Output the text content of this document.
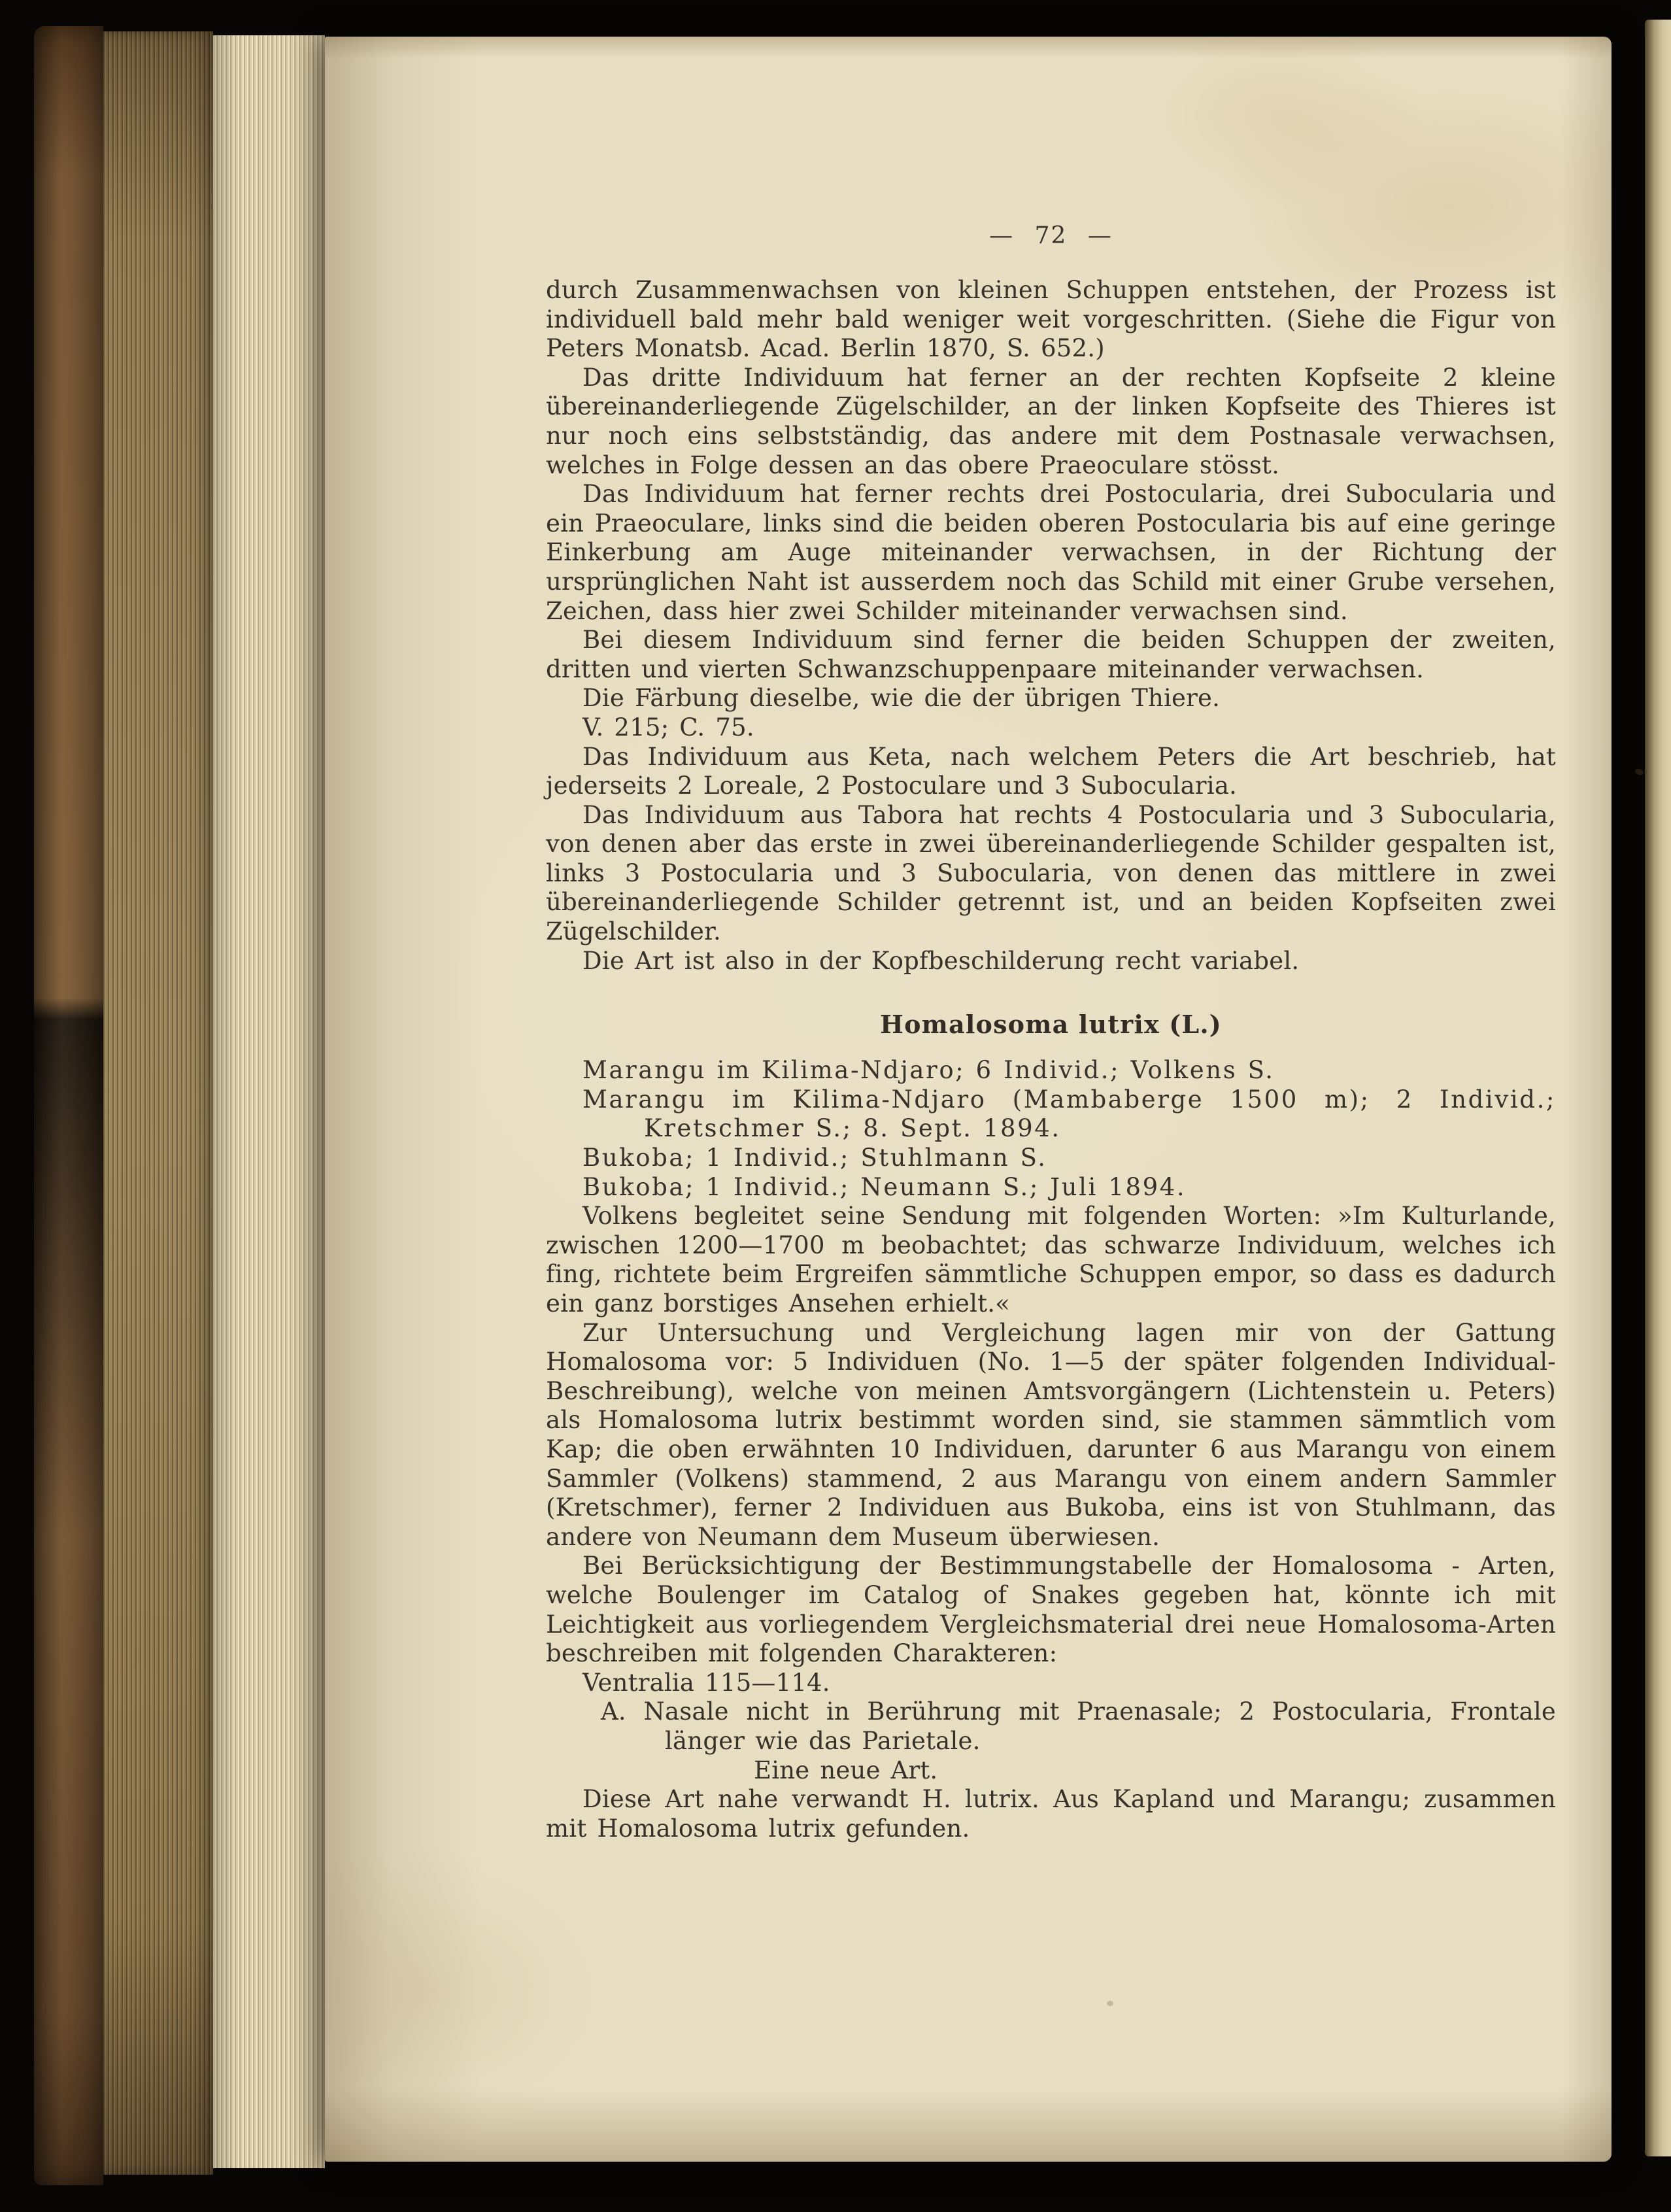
— 72 —

durch Zusammenwachsen von kleinen Schuppen entstehen, der Prozess ist individuell bald mehr bald weniger weit vorgeschritten. (Siehe die Figur von Peters Monatsb. Acad. Berlin 1870, S. 652.)

Das dritte Individuum hat ferner an der rechten Kopfseite 2 kleine übereinanderliegende Zügelschilder, an der linken Kopfseite des Thieres ist nur noch eins selbstständig, das andere mit dem Postnasale verwachsen, welches in Folge dessen an das obere Praeoculare stösst.

Das Individuum hat ferner rechts drei Postocularia, drei Subocularia und ein Praeoculare, links sind die beiden oberen Postocularia bis auf eine geringe Einkerbung am Auge miteinander verwachsen, in der Richtung der ursprünglichen Naht ist ausserdem noch das Schild mit einer Grube versehen, Zeichen, dass hier zwei Schilder miteinander verwachsen sind.

Bei diesem Individuum sind ferner die beiden Schuppen der zweiten, dritten und vierten Schwanzschuppenpaare miteinander verwachsen.

Die Färbung dieselbe, wie die der übrigen Thiere.

V. 215; C. 75.

Das Individuum aus Keta, nach welchem Peters die Art beschrieb, hat jederseits 2 Loreale, 2 Postoculare und 3 Subocularia.

Das Individuum aus Tabora hat rechts 4 Postocularia und 3 Subocularia, von denen aber das erste in zwei übereinanderliegende Schilder gespalten ist, links 3 Postocularia und 3 Subocularia, von denen das mittlere in zwei übereinanderliegende Schilder getrennt ist, und an beiden Kopfseiten zwei Zügelschilder.

Die Art ist also in der Kopfbeschilderung recht variabel.

Homalosoma lutrix (L.)

Marangu im Kilima-Ndjaro; 6 Individ.; Volkens S.

Marangu im Kilima-Ndjaro (Mambaberge 1500 m); 2 Individ.; Kretschmer S.; 8. Sept. 1894.

Bukoba; 1 Individ.; Stuhlmann S.

Bukoba; 1 Individ.; Neumann S.; Juli 1894.

Volkens begleitet seine Sendung mit folgenden Worten: »Im Kulturlande, zwischen 1200—1700 m beobachtet; das schwarze Individuum, welches ich fing, richtete beim Ergreifen sämmtliche Schuppen empor, so dass es dadurch ein ganz borstiges Ansehen erhielt.«

Zur Untersuchung und Vergleichung lagen mir von der Gattung Homalosoma vor: 5 Individuen (No. 1—5 der später folgenden Individual-Beschreibung), welche von meinen Amtsvorgängern (Lichtenstein u. Peters) als Homalosoma lutrix bestimmt worden sind, sie stammen sämmtlich vom Kap; die oben erwähnten 10 Individuen, darunter 6 aus Marangu von einem Sammler (Volkens) stammend, 2 aus Marangu von einem andern Sammler (Kretschmer), ferner 2 Individuen aus Bukoba, eins ist von Stuhlmann, das andere von Neumann dem Museum überwiesen.

Bei Berücksichtigung der Bestimmungstabelle der Homalosoma - Arten, welche Boulenger im Catalog of Snakes gegeben hat, könnte ich mit Leichtigkeit aus vorliegendem Vergleichsmaterial drei neue Homalosoma-Arten beschreiben mit folgenden Charakteren:

Ventralia 115—114.

A. Nasale nicht in Berührung mit Praenasale; 2 Postocularia, Frontale länger wie das Parietale.

Eine neue Art.

Diese Art nahe verwandt H. lutrix. Aus Kapland und Marangu; zusammen mit Homalosoma lutrix gefunden.
